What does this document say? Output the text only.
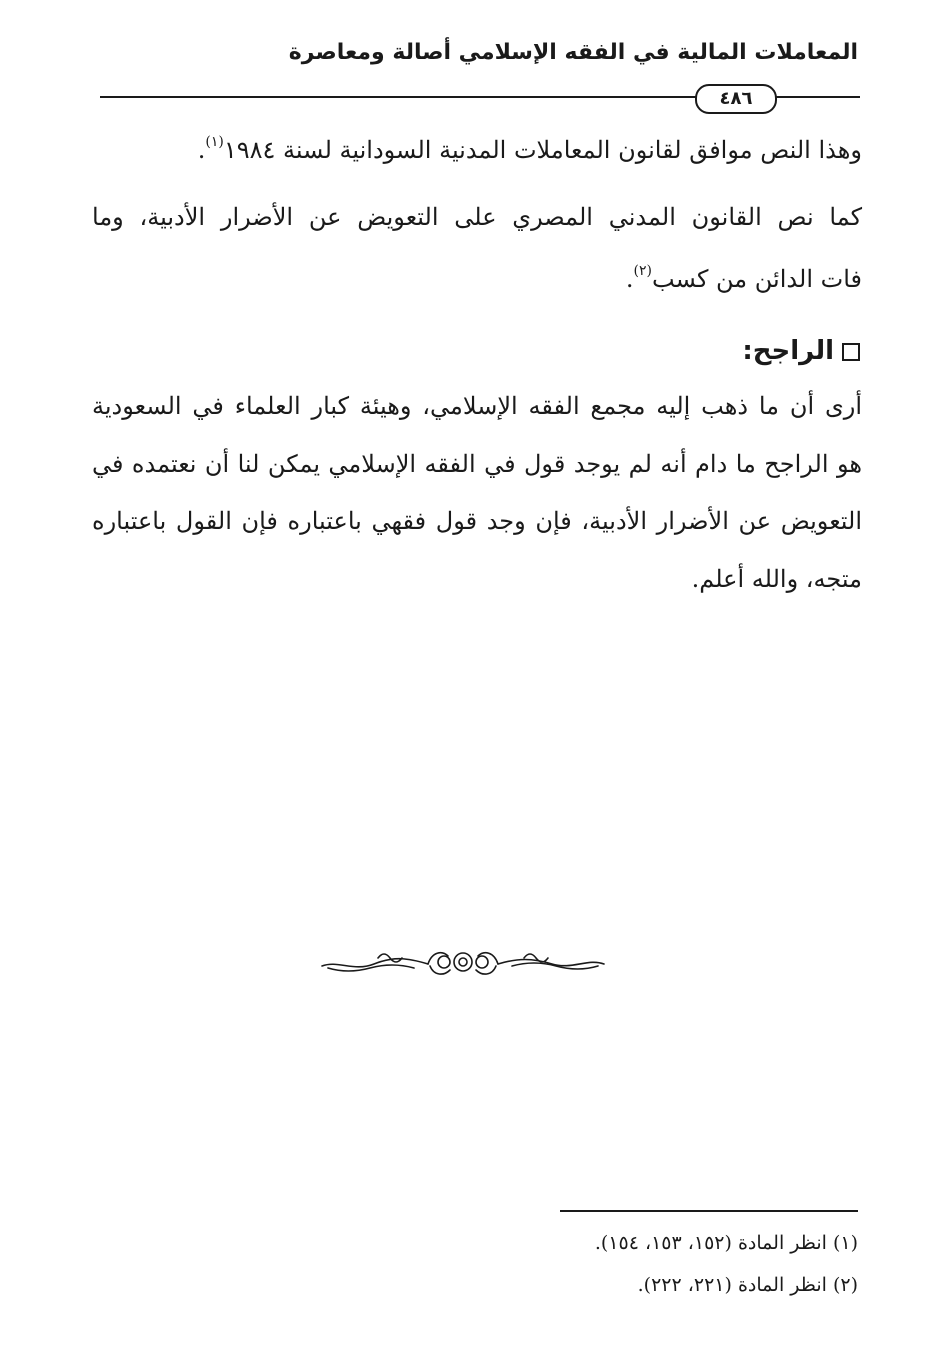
المعاملات المالية في الفقه الإسلامي أصالة ومعاصرة
٤٨٦
وهذا النص موافق لقانون المعاملات المدنية السودانية لسنة ١٩٨٤$^{(١)}$.
كما نص القانون المدني المصري على التعويض عن الأضرار الأدبية، وما
فات الدائن من كسب$^{(٢)}$.
الراجح:
أرى أن ما ذهب إليه مجمع الفقه الإسلامي، وهيئة كبار العلماء في السعودية
هو الراجح ما دام أنه لم يوجد قول في الفقه الإسلامي يمكن لنا أن نعتمده في
التعويض عن الأضرار الأدبية، فإن وجد قول فقهي باعتباره فإن القول باعتباره
متجه، والله أعلم.
(١) انظر المادة (١٥٢، ١٥٣، ١٥٤).
(٢) انظر المادة (٢٢١، ٢٢٢).
